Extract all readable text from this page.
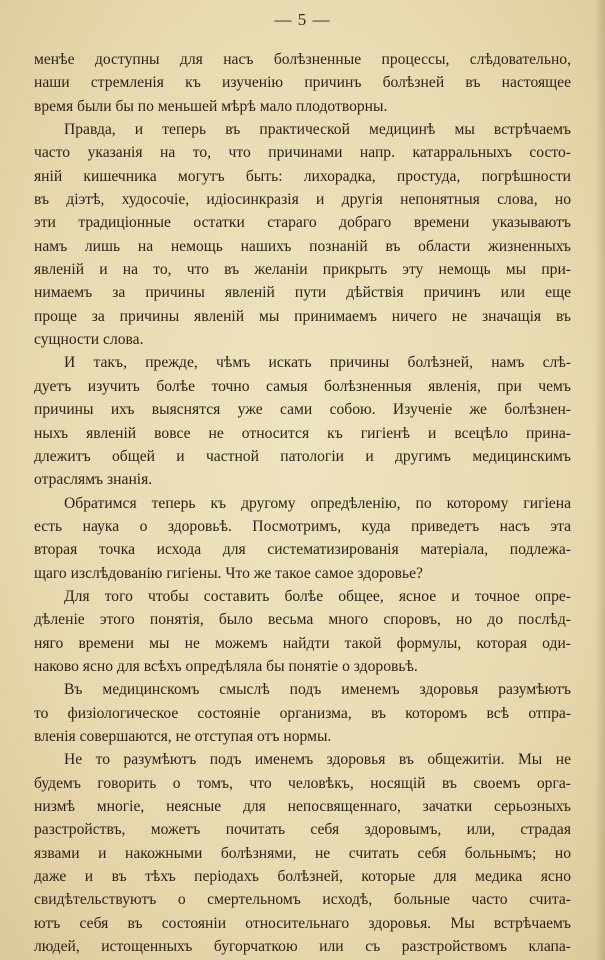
— 5 —
менѣе доступны для насъ болѣзненные процессы, слѣдовательно,
наши стремленія къ изученію причинъ болѣзней въ настоящее
время были бы по меньшей мѣрѣ мало плодотворны.
Правда, и теперь въ практической медицинѣ мы встрѣчаемъ
часто указанія на то, что причинами напр. катарральныхъ состо-
яній кишечника могутъ быть: лихорадка, простуда, погрѣшности
въ діэтѣ, худосочіе, идіосинкразія и другія непонятныя слова, но
эти традиціонные остатки стараго добраго времени указываютъ
намъ лишь на немощь нашихъ познаній въ области жизненныхъ
явленій и на то, что въ желаніи прикрыть эту немощь мы при-
нимаемъ за причины явленій пути дѣйствія причинъ или еще
проще за причины явленій мы принимаемъ ничего не значащія въ
сущности слова.
И такъ, прежде, чѣмъ искать причины болѣзней, намъ слѣ-
дуетъ изучить болѣе точно самыя болѣзненныя явленія, при чемъ
причины ихъ выяснятся уже сами собою. Изученіе же болѣзнен-
ныхъ явленій вовсе не относится къ гигіенѣ и всецѣло прина-
длежитъ общей и частной патологіи и другимъ медицинскимъ
отраслямъ знанія.
Обратимся теперь къ другому опредѣленію, по которому гигіена
есть наука о здоровьѣ. Посмотримъ, куда приведетъ насъ эта
вторая точка исхода для систематизированія матеріала, подлежа-
щаго изслѣдованію гигіены. Что же такое самое здоровье?
Для того чтобы составить болѣе общее, ясное и точное опре-
дѣленіе этого понятія, было весьма много споровъ, но до послѣд-
няго времени мы не можемъ найдти такой формулы, которая оди-
наково ясно для всѣхъ опредѣляла бы понятіе о здоровьѣ.
Въ медицинскомъ смыслѣ подъ именемъ здоровья разумѣютъ
то физіологическое состояніе организма, въ которомъ всѣ отпра-
вленія совершаются, не отступая отъ нормы.
Не то разумѣютъ подъ именемъ здоровья въ общежитіи. Мы не
будемъ говорить о томъ, что человѣкъ, носящій въ своемъ орга-
низмѣ многіе, неясные для непосвященнаго, зачатки серьозныхъ
разстройствъ, можетъ почитать себя здоровымъ, или, страдая
язвами и накожными болѣзнями, не считать себя больнымъ; но
даже и въ тѣхъ періодахъ болѣзней, которые для медика ясно
свидѣтельствуютъ о смертельномъ исходѣ, больные часто счита-
ютъ себя въ состояніи относительнаго здоровья. Мы встрѣчаемъ
людей, истощенныхъ бугорчаткою или съ разстройствомъ клапа-
